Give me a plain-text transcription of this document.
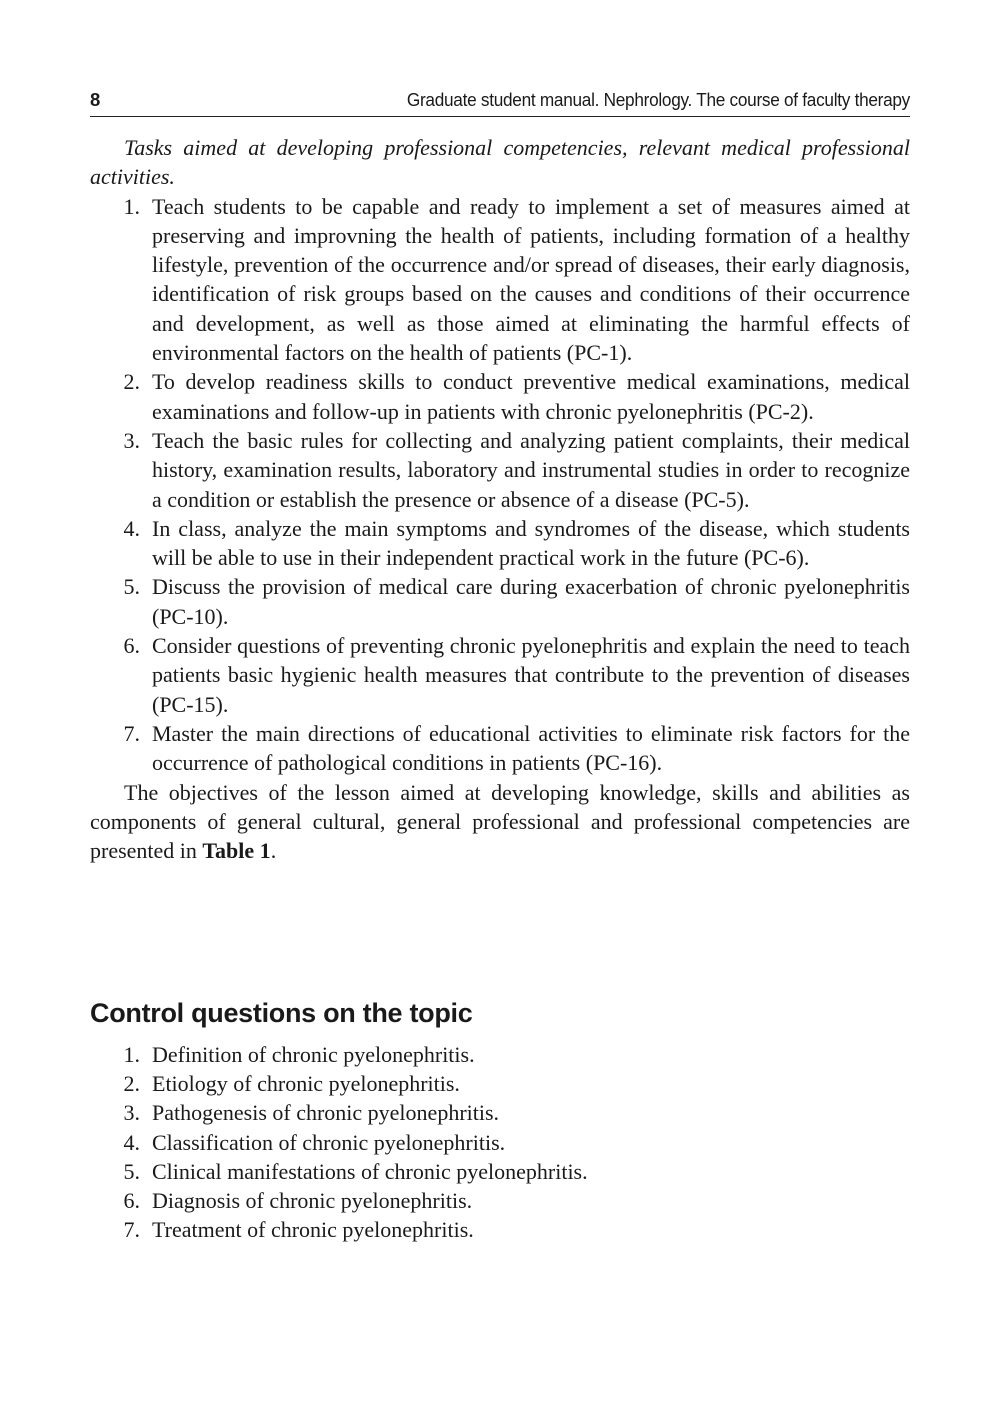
8	Graduate student manual. Nephrology. The course of faculty therapy

Tasks aimed at developing professional competencies, relevant medical professional activities.

1. Teach students to be capable and ready to implement a set of measures aimed at preserving and improvning the health of patients, including formation of a healthy lifestyle, prevention of the occurrence and/or spread of diseases, their early diagnosis, identification of risk groups based on the causes and conditions of their occurrence and development, as well as those aimed at eliminating the harmful effects of environmental factors on the health of patients (PC-1).
2. To develop readiness skills to conduct preventive medical examinations, medical examinations and follow-up in patients with chronic pyelonephritis (PC-2).
3. Teach the basic rules for collecting and analyzing patient complaints, their medical history, examination results, laboratory and instrumental studies in order to recognize a condition or establish the presence or absence of a disease (PC-5).
4. In class, analyze the main symptoms and syndromes of the disease, which students will be able to use in their independent practical work in the future (PC-6).
5. Discuss the provision of medical care during exacerbation of chronic pyelonephritis (PC-10).
6. Consider questions of preventing chronic pyelonephritis and explain the need to teach patients basic hygienic health measures that contribute to the prevention of diseases (PC-15).
7. Master the main directions of educational activities to eliminate risk factors for the occurrence of pathological conditions in patients (PC-16).

The objectives of the lesson aimed at developing knowledge, skills and abilities as components of general cultural, general professional and professional competencies are presented in Table 1.

Control questions on the topic
1. Definition of chronic pyelonephritis.
2. Etiology of chronic pyelonephritis.
3. Pathogenesis of chronic pyelonephritis.
4. Classification of chronic pyelonephritis.
5. Clinical manifestations of chronic pyelonephritis.
6. Diagnosis of chronic pyelonephritis.
7. Treatment of chronic pyelonephritis.
